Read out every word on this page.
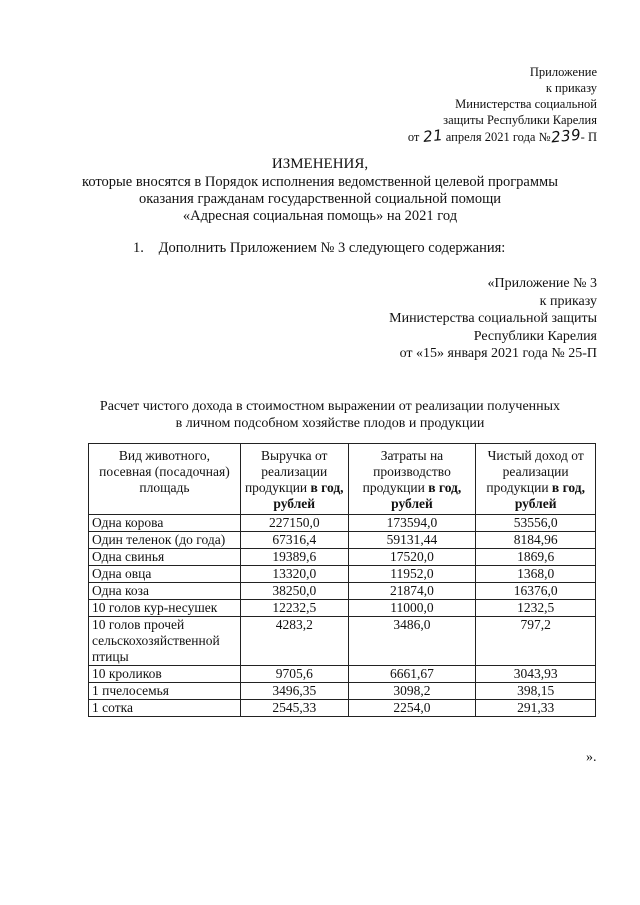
Приложение
к приказу
Министерства социальной
защиты Республики Карелия
от 21 апреля 2021 года №239- П
ИЗМЕНЕНИЯ,
которые вносятся в Порядок исполнения ведомственной целевой программы
оказания гражданам государственной социальной помощи
«Адресная социальная помощь» на 2021 год
1. Дополнить Приложением № 3 следующего содержания:
«Приложение № 3
к приказу
Министерства социальной защиты
Республики Карелия
от «15» января 2021 года № 25-П
Расчет чистого дохода в стоимостном выражении от реализации полученных
в личном подсобном хозяйстве плодов и продукции
Вид животного, посевная (посадочная) площадь	Выручка от реализации продукции в год, рублей	Затраты на производство продукции в год, рублей	Чистый доход от реализации продукции в год, рублей
Одна корова	227150,0	173594,0	53556,0
Один теленок (до года)	67316,4	59131,44	8184,96
Одна свинья	19389,6	17520,0	1869,6
Одна овца	13320,0	11952,0	1368,0
Одна коза	38250,0	21874,0	16376,0
10 голов кур-несушек	12232,5	11000,0	1232,5
10 голов прочей сельскохозяйственной птицы	4283,2	3486,0	797,2
10 кроликов	9705,6	6661,67	3043,93
1 пчелосемья	3496,35	3098,2	398,15
1 сотка	2545,33	2254,0	291,33
».
